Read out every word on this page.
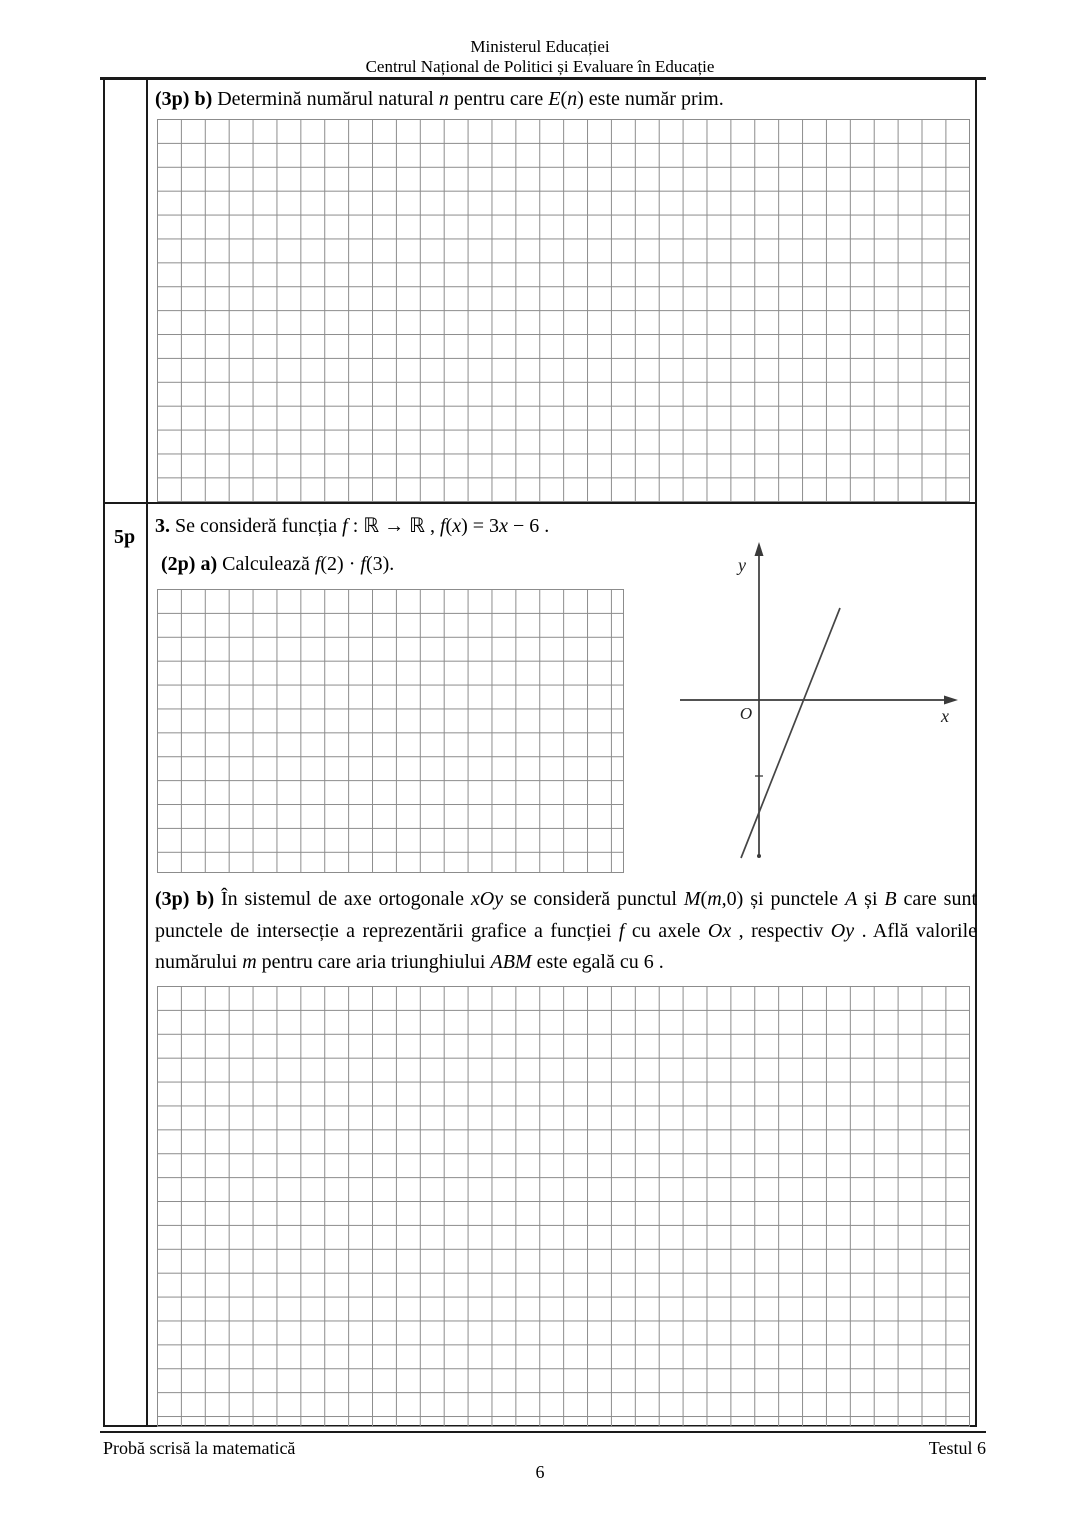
Ministerul Educației
Centrul Național de Politici și Evaluare în Educație
(3p) b) Determină numărul natural n pentru care E(n) este număr prim.
5p 3. Se consideră funcția f : ℝ → ℝ , f(x) = 3x − 6 .
(2p) a) Calculează f(2) · f(3).	y
x
O
(3p) b) În sistemul de axe ortogonale xOy se consideră punctul M(m,0) și punctele A și B care sunt punctele de intersecție a reprezentării grafice a funcției f cu axele Ox , respectiv Oy . Află valorile numărului m pentru care aria triunghiului ABM este egală cu 6 .
Probă scrisă la matematică	Testul 6
6
